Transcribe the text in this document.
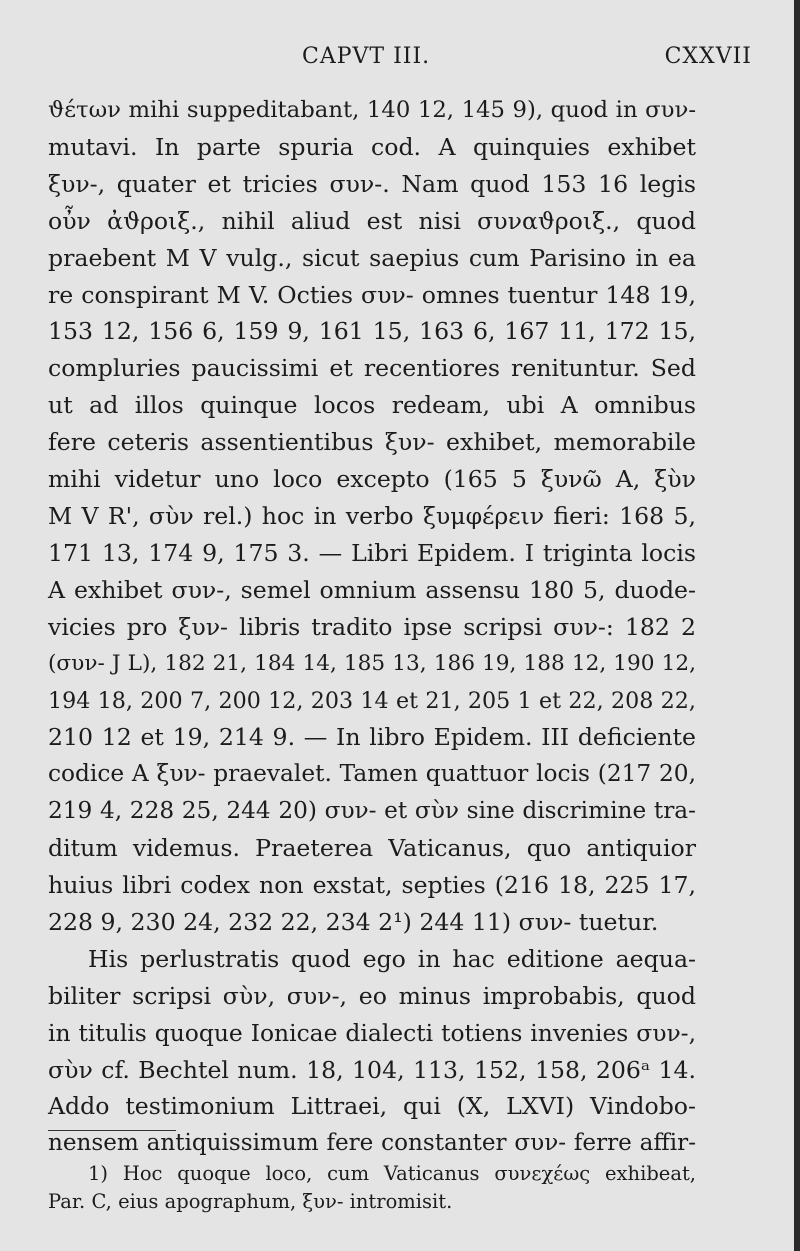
CAPVT III.	CXXVII
ϑέτων mihi suppeditabant, 140 12, 145 9), quod in συν-
mutavi. In parte spuria cod. A quinquies exhibet
ξυν-, quater et tricies συν-. Nam quod 153 16 legis
οὖν ἀϑροιξ., nihil aliud est nisi συναϑροιξ., quod
praebent M V vulg., sicut saepius cum Parisino in ea
re conspirant M V. Octies συν- omnes tuentur 148 19,
153 12, 156 6, 159 9, 161 15, 163 6, 167 11, 172 15,
compluries paucissimi et recentiores renituntur. Sed
ut ad illos quinque locos redeam, ubi A omnibus
fere ceteris assentientibus ξυν- exhibet, memorabile
mihi videtur uno loco excepto (165 5 ξυνῶ A, ξὺν
M V R', σὺν rel.) hoc in verbo ξυμφέρειν fieri: 168 5,
171 13, 174 9, 175 3. — Libri Epidem. I triginta locis
A exhibet συν-, semel omnium assensu 180 5, duode-
vicies pro ξυν- libris tradito ipse scripsi συν-: 182 2
(συν- J L), 182 21, 184 14, 185 13, 186 19, 188 12, 190 12,
194 18, 200 7, 200 12, 203 14 et 21, 205 1 et 22, 208 22,
210 12 et 19, 214 9. — In libro Epidem. III deficiente
codice A ξυν- praevalet. Tamen quattuor locis (217 20,
219 4, 228 25, 244 20) συν- et σὺν sine discrimine tra-
ditum videmus. Praeterea Vaticanus, quo antiquior
huius libri codex non exstat, septies (216 18, 225 17,
228 9, 230 24, 232 22, 234 2¹) 244 11) συν- tuetur.
His perlustratis quod ego in hac editione aequa-
biliter scripsi σὺν, συν-, eo minus improbabis, quod
in titulis quoque Ionicae dialecti totiens invenies συν-,
σὺν cf. Bechtel num. 18, 104, 113, 152, 158, 206ᵃ 14.
Addo testimonium Littraei, qui (X, LXVI) Vindobo-
nensem antiquissimum fere constanter συν- ferre affir-
1) Hoc quoque loco, cum Vaticanus συνεχέως exhibeat,
Par. C, eius apographum, ξυν- intromisit.
